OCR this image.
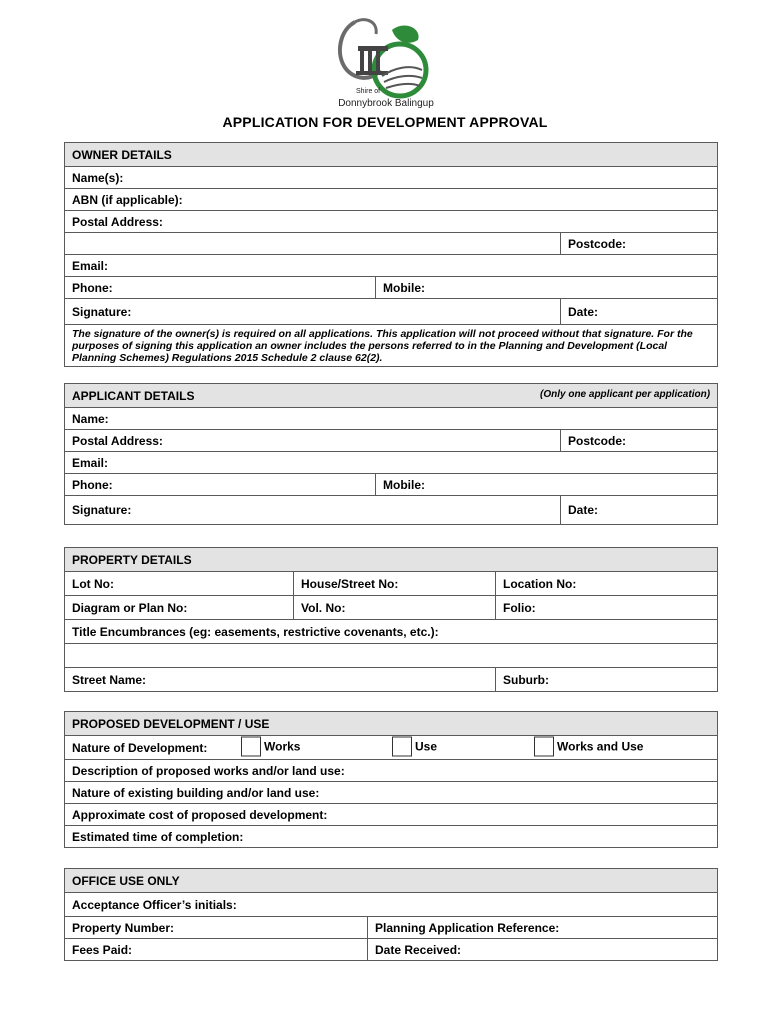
Shire of
Donnybrook Balingup
APPLICATION FOR DEVELOPMENT APPROVAL
OWNER DETAILS		
Name(s):		
ABN (if applicable):		
Postal Address:		
		Postcode:
Email:		
Phone:	Mobile:	
Signature:		Date:
The signature of the owner(s) is required on all applications. This application will not proceed without that signature. For the purposes of signing this application an owner includes the persons referred to in the Planning and Development (Local Planning Schemes) Regulations 2015 Schedule 2 clause 62(2).		
APPLICANT DETAILS (Only one applicant per application)		

Name:		
Postal Address:		Postcode:
Email:		
Phone:	Mobile:	
Signature:		Date:
PROPERTY DETAILS		
Lot No:	House/Street No:	Location No:
Diagram or Plan No:	Vol. No:	Folio:
Title Encumbrances (eg: easements, restrictive covenants, etc.):		

Street Name:		Suburb:
PROPOSED DEVELOPMENT / USE
Nature of Development:	Works	Use	Works and Use

Description of proposed works and/or land use:
Nature of existing building and/or land use:
Approximate cost of proposed development:
Estimated time of completion:
OFFICE USE ONLY	
Acceptance Officer’s initials:	
Property Number:	Planning Application Reference:
Fees Paid:	Date Received:
